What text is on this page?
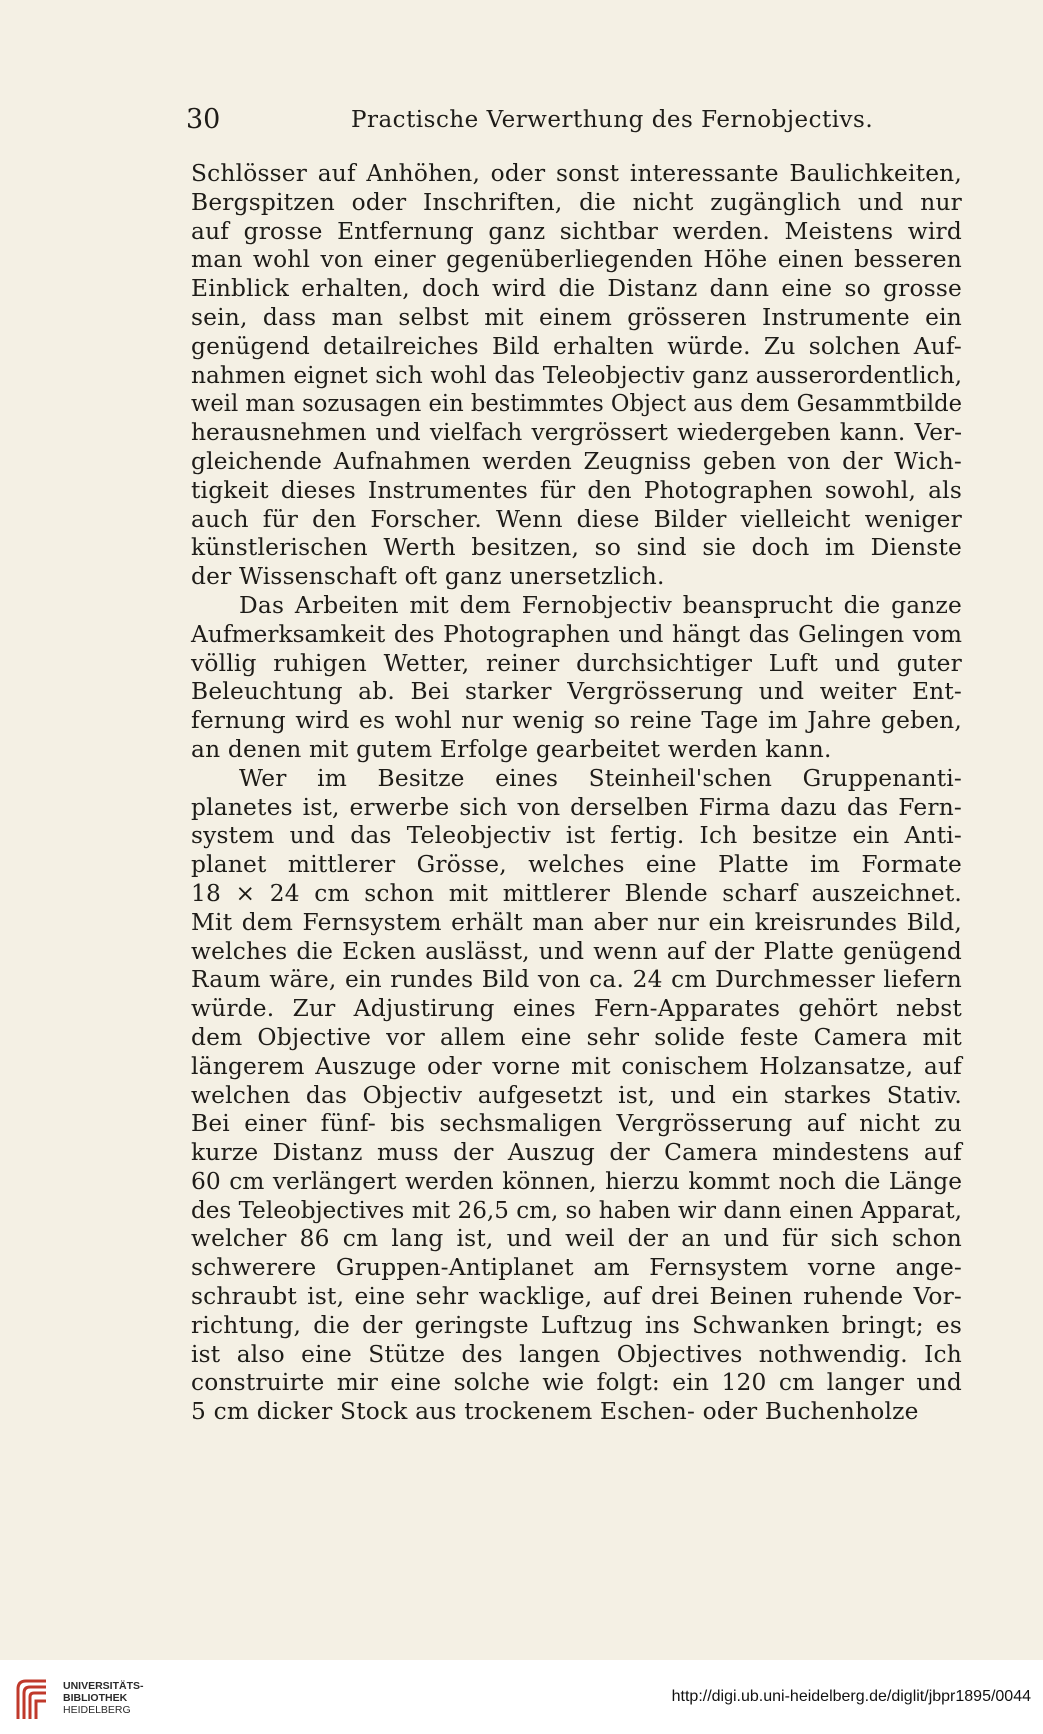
30	Practische Verwerthung des Fernobjectivs.
Schlösser auf Anhöhen, oder sonst interessante Baulichkeiten,
Bergspitzen oder Inschriften, die nicht zugänglich und nur
auf grosse Entfernung ganz sichtbar werden. Meistens wird
man wohl von einer gegenüberliegenden Höhe einen besseren
Einblick erhalten, doch wird die Distanz dann eine so grosse
sein, dass man selbst mit einem grösseren Instrumente ein
genügend detailreiches Bild erhalten würde. Zu solchen Auf-
nahmen eignet sich wohl das Teleobjectiv ganz ausserordentlich,
weil man sozusagen ein bestimmtes Object aus dem Gesammtbilde
herausnehmen und vielfach vergrössert wiedergeben kann. Ver-
gleichende Aufnahmen werden Zeugniss geben von der Wich-
tigkeit dieses Instrumentes für den Photographen sowohl, als
auch für den Forscher. Wenn diese Bilder vielleicht weniger
künstlerischen Werth besitzen, so sind sie doch im Dienste
der Wissenschaft oft ganz unersetzlich.
Das Arbeiten mit dem Fernobjectiv beansprucht die ganze
Aufmerksamkeit des Photographen und hängt das Gelingen vom
völlig ruhigen Wetter, reiner durchsichtiger Luft und guter
Beleuchtung ab. Bei starker Vergrösserung und weiter Ent-
fernung wird es wohl nur wenig so reine Tage im Jahre geben,
an denen mit gutem Erfolge gearbeitet werden kann.
Wer im Besitze eines Steinheil'schen Gruppenanti-
planetes ist, erwerbe sich von derselben Firma dazu das Fern-
system und das Teleobjectiv ist fertig. Ich besitze ein Anti-
planet mittlerer Grösse, welches eine Platte im Formate
18 × 24 cm schon mit mittlerer Blende scharf auszeichnet.
Mit dem Fernsystem erhält man aber nur ein kreisrundes Bild,
welches die Ecken auslässt, und wenn auf der Platte genügend
Raum wäre, ein rundes Bild von ca. 24 cm Durchmesser liefern
würde. Zur Adjustirung eines Fern-Apparates gehört nebst
dem Objective vor allem eine sehr solide feste Camera mit
längerem Auszuge oder vorne mit conischem Holzansatze, auf
welchen das Objectiv aufgesetzt ist, und ein starkes Stativ.
Bei einer fünf- bis sechsmaligen Vergrösserung auf nicht zu
kurze Distanz muss der Auszug der Camera mindestens auf
60 cm verlängert werden können, hierzu kommt noch die Länge
des Teleobjectives mit 26,5 cm, so haben wir dann einen Apparat,
welcher 86 cm lang ist, und weil der an und für sich schon
schwerere Gruppen-Antiplanet am Fernsystem vorne ange-
schraubt ist, eine sehr wacklige, auf drei Beinen ruhende Vor-
richtung, die der geringste Luftzug ins Schwanken bringt; es
ist also eine Stütze des langen Objectives nothwendig. Ich
construirte mir eine solche wie folgt: ein 120 cm langer und
5 cm dicker Stock aus trockenem Eschen- oder Buchenholze
UNIVERSITÄTS-
BIBLIOTHEK
HEIDELBERG
http://digi.ub.uni-heidelberg.de/diglit/jbpr1895/0044
